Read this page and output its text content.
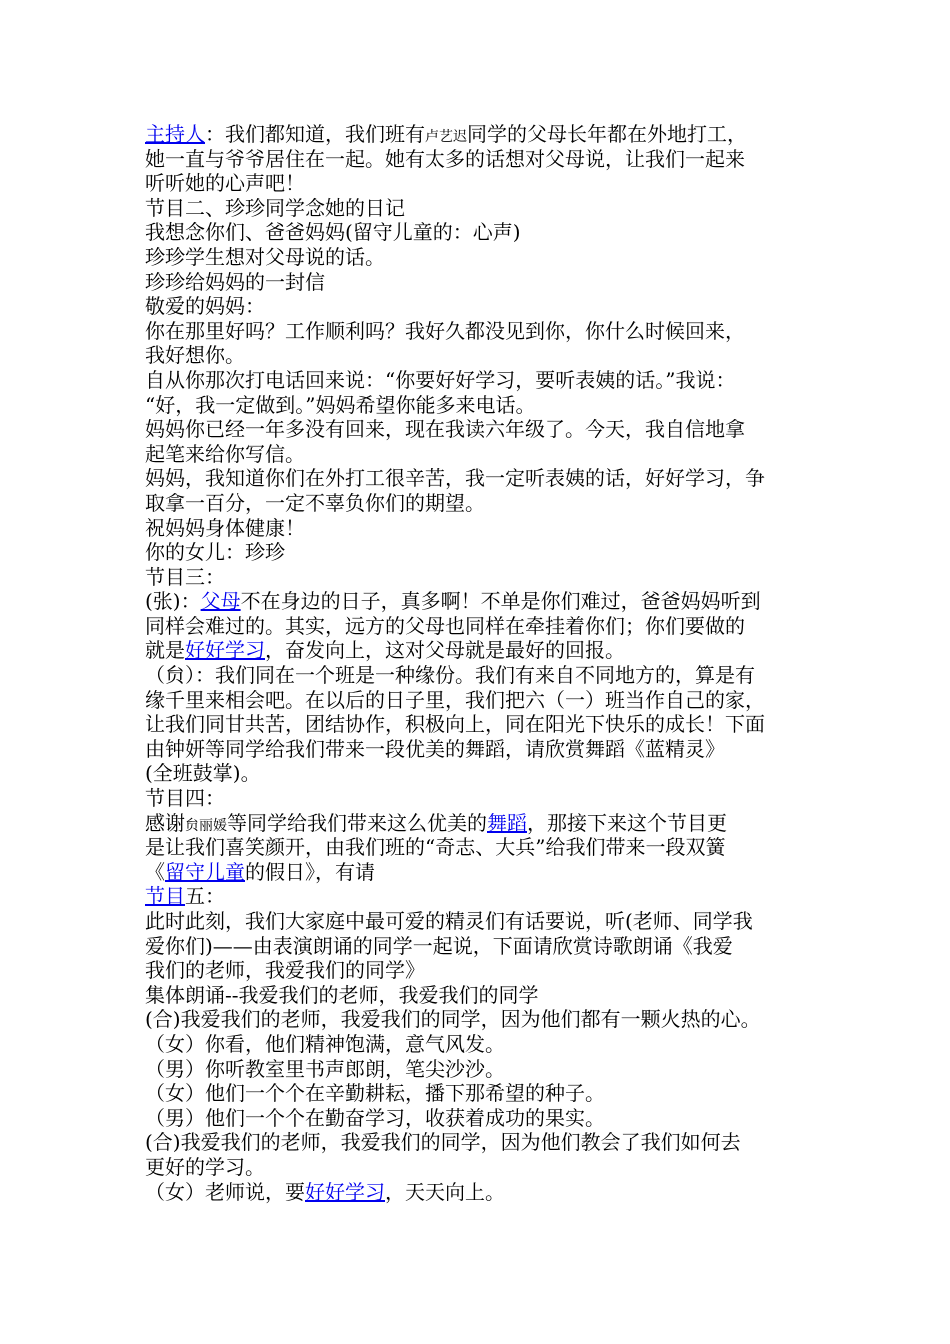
主持人：我们都知道，我们班有卢艺迟同学的父母长年都在外地打工，
她一直与爷爷居住在一起。她有太多的话想对父母说，让我们一起来
听听她的心声吧！
节目二、珍珍同学念她的日记
我想念你们、爸爸妈妈(留守儿童的：心声)
珍珍学生想对父母说的话。
珍珍给妈妈的一封信
敬爱的妈妈：
你在那里好吗？工作顺利吗？我好久都没见到你，你什么时候回来，
我好想你。
自从你那次打电话回来说：“你要好好学习，要听表姨的话。”我说：
“好，我一定做到。”妈妈希望你能多来电话。
妈妈你已经一年多没有回来，现在我读六年级了。今天，我自信地拿
起笔来给你写信。
妈妈，我知道你们在外打工很辛苦，我一定听表姨的话，好好学习，争
取拿一百分，一定不辜负你们的期望。
祝妈妈身体健康！
你的女儿：珍珍
节目三：
(张)：父母不在身边的日子，真多啊！不单是你们难过，爸爸妈妈听到
同样会难过的。其实，远方的父母也同样在牵挂着你们；你们要做的
就是好好学习，奋发向上，这对父母就是最好的回报。
（贠）：我们同在一个班是一种缘份。我们有来自不同地方的，算是有
缘千里来相会吧。在以后的日子里，我们把六（一）班当作自己的家，
让我们同甘共苦，团结协作，积极向上，同在阳光下快乐的成长！下面
由钟妍等同学给我们带来一段优美的舞蹈，请欣赏舞蹈《蓝精灵》
(全班鼓掌)。
节目四：
感谢贠丽媛等同学给我们带来这么优美的舞蹈，那接下来这个节目更
是让我们喜笑颜开，由我们班的“奇志、大兵”给我们带来一段双簧
《留守儿童的假日》，有请
节目五：
此时此刻，我们大家庭中最可爱的精灵们有话要说，听(老师、同学我
爱你们)——由表演朗诵的同学一起说，下面请欣赏诗歌朗诵《我爱
我们的老师，我爱我们的同学》
集体朗诵--我爱我们的老师，我爱我们的同学
(合)我爱我们的老师，我爱我们的同学，因为他们都有一颗火热的心。
（女）你看，他们精神饱满，意气风发。
（男）你听教室里书声郎朗，笔尖沙沙。
（女）他们一个个在辛勤耕耘，播下那希望的种子。
（男）他们一个个在勤奋学习，收获着成功的果实。
(合)我爱我们的老师，我爱我们的同学，因为他们教会了我们如何去
更好的学习。
（女）老师说，要好好学习，天天向上。
